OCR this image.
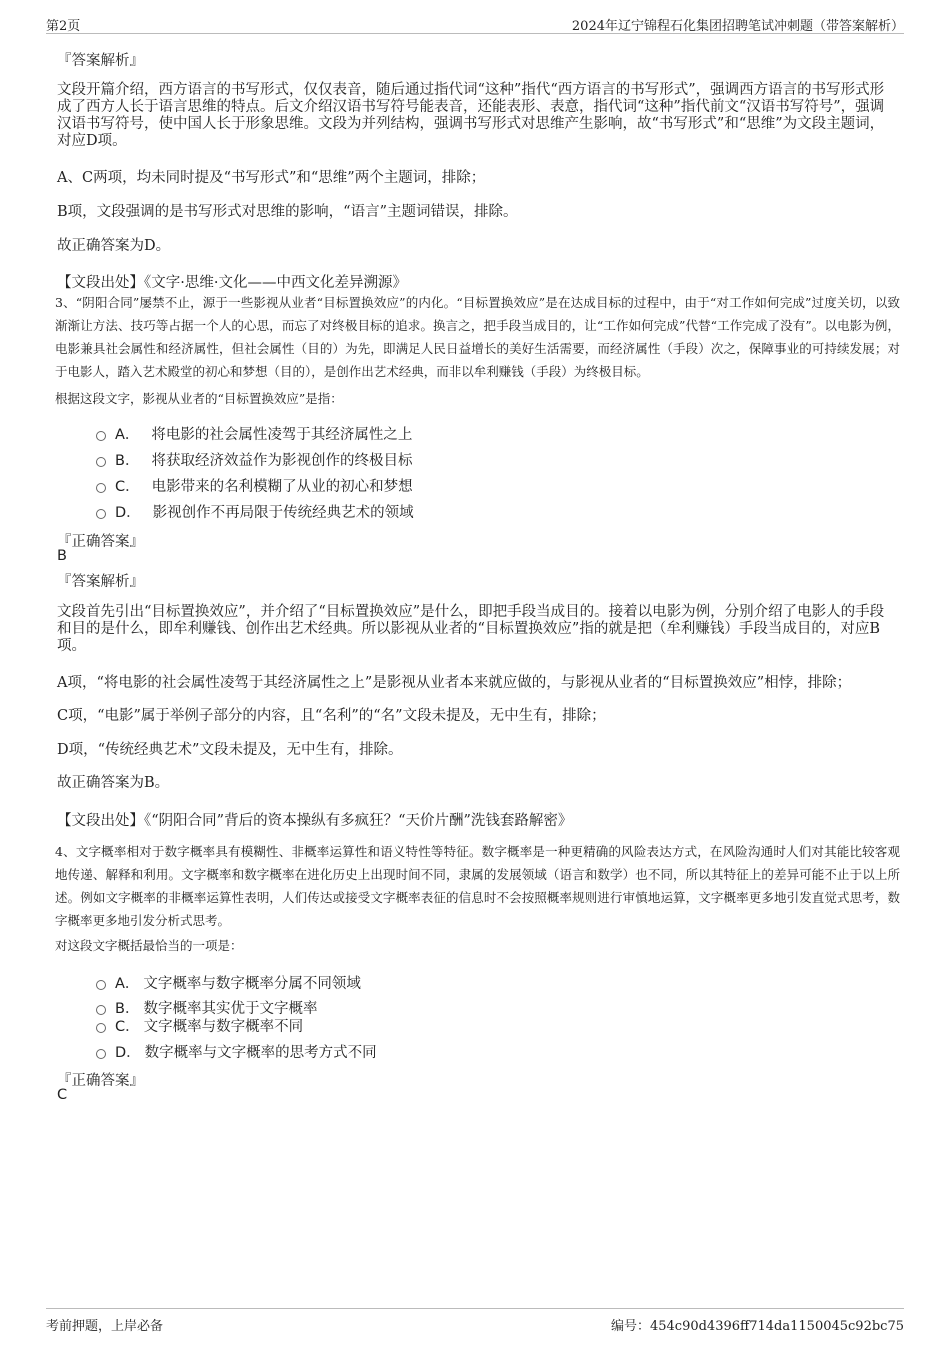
第2页	2024年辽宁锦程石化集团招聘笔试冲刺题（带答案解析）
『答案解析』
文段开篇介绍，西方语言的书写形式，仅仅表音，随后通过指代词“这种”指代“西方语言的书写形式”，强调西方语言的书写形式形成了西方人长于语言思维的特点。后文介绍汉语书写符号能表音，还能表形、表意，指代词“这种”指代前文“汉语书写符号”，强调汉语书写符号，使中国人长于形象思维。文段为并列结构，强调书写形式对思维产生影响，故“书写形式”和“思维”为文段主题词，对应D项。
A、C两项，均未同时提及“书写形式”和“思维”两个主题词，排除；
B项，文段强调的是书写形式对思维的影响，“语言”主题词错误，排除。
故正确答案为D。
【文段出处】《文字·思维·文化——中西文化差异溯源》
3、“阴阳合同”屡禁不止，源于一些影视从业者“目标置换效应”的内化。“目标置换效应”是在达成目标的过程中，由于“对工作如何完成”过度关切，以致渐渐让方法、技巧等占据一个人的心思，而忘了对终极目标的追求。换言之，把手段当成目的，让“工作如何完成”代替“工作完成了没有”。以电影为例，电影兼具社会属性和经济属性，但社会属性（目的）为先，即满足人民日益增长的美好生活需要，而经济属性（手段）次之，保障事业的可持续发展；对于电影人，踏入艺术殿堂的初心和梦想（目的），是创作出艺术经典，而非以牟利赚钱（手段）为终极目标。
根据这段文字，影视从业者的“目标置换效应”是指：
A． 将电影的社会属性凌驾于其经济属性之上
B． 将获取经济效益作为影视创作的终极目标
C． 电影带来的名利模糊了从业的初心和梦想
D． 影视创作不再局限于传统经典艺术的领域
『正确答案』
B
『答案解析』
文段首先引出“目标置换效应”，并介绍了“目标置换效应”是什么，即把手段当成目的。接着以电影为例，分别介绍了电影人的手段和目的是什么，即牟利赚钱、创作出艺术经典。所以影视从业者的“目标置换效应”指的就是把（牟利赚钱）手段当成目的，对应B项。
A项，“将电影的社会属性凌驾于其经济属性之上”是影视从业者本来就应做的，与影视从业者的“目标置换效应”相悖，排除；
C项，“电影”属于举例子部分的内容，且“名利”的“名”文段未提及，无中生有，排除；
D项，“传统经典艺术”文段未提及，无中生有，排除。
故正确答案为B。
【文段出处】《“阴阳合同”背后的资本操纵有多疯狂？“天价片酬”洗钱套路解密》
4、文字概率相对于数字概率具有模糊性、非概率运算性和语义特性等特征。数字概率是一种更精确的风险表达方式，在风险沟通时人们对其能比较客观地传递、解释和利用。文字概率和数字概率在进化历史上出现时间不同，隶属的发展领域（语言和数学）也不同，所以其特征上的差异可能不止于以上所述。例如文字概率的非概率运算性表明，人们传达或接受文字概率表征的信息时不会按照概率规则进行审慎地运算，文字概率更多地引发直觉式思考，数字概率更多地引发分析式思考。
对这段文字概括最恰当的一项是：
A． 文字概率与数字概率分属不同领域
B． 数字概率其实优于文字概率
C． 文字概率与数字概率不同
D． 数字概率与文字概率的思考方式不同
『正确答案』
C
考前押题，上岸必备	编号：454c90d4396ff714da1150045c92bc75
